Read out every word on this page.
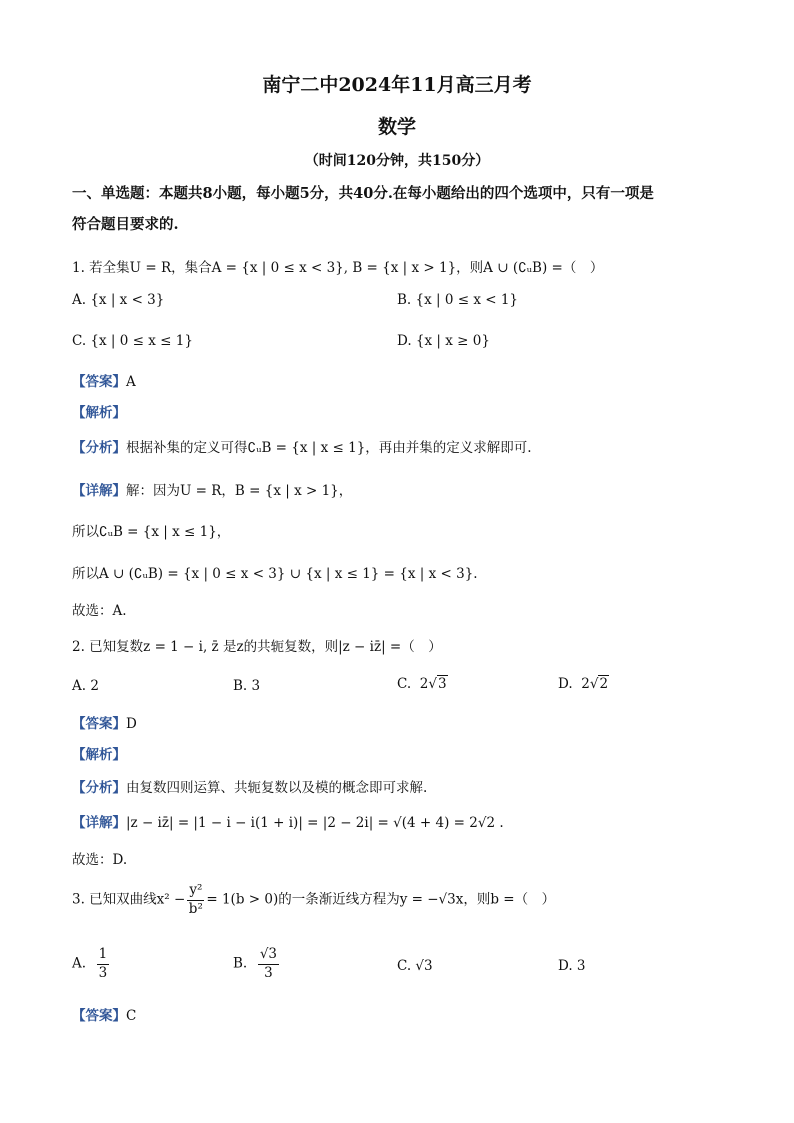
南宁二中2024年11月高三月考
数学
（时间120分钟，共150分）
一、单选题：本题共8小题，每小题5分，共40分.在每小题给出的四个选项中，只有一项是
符合题目要求的.
1. 若全集U = R，集合A = {x | 0 ≤ x < 3}, B = {x | x > 1}，则A ∪ (∁ᵤB) =（　）
A. {x | x < 3}	B. {x | 0 ≤ x < 1}
C. {x | 0 ≤ x ≤ 1}	D. {x | x ≥ 0}
【答案】A
【解析】
【分析】根据补集的定义可得∁ᵤB = {x | x ≤ 1}，再由并集的定义求解即可.
【详解】解：因为U = R，B = {x | x > 1}，
所以∁ᵤB = {x | x ≤ 1}，
所以A ∪ (∁ᵤB) = {x | 0 ≤ x < 3} ∪ {x | x ≤ 1} = {x | x < 3}.
故选：A.
2. 已知复数z = 1 − i, z̄ 是z的共轭复数，则|z − iz̄| =（　）
A. 2	B. 3	C. 2√3	D. 2√2
【答案】D
【解析】
【分析】由复数四则运算、共轭复数以及模的概念即可求解.
【详解】|z − iz̄| = |1 − i − i(1 + i)| = |2 − 2i| = √(4 + 4) = 2√2 .
故选：D.
3. 已知双曲线$x^2 - \frac{\text{y²}}{\text{b²}} = 1(b > 0)$的一条渐近线方程为y = −√3x，则b =（　）
A. $\frac{1}{3}$	B. $\frac{√3}{3}$	C. √3	D. 3
【答案】C
